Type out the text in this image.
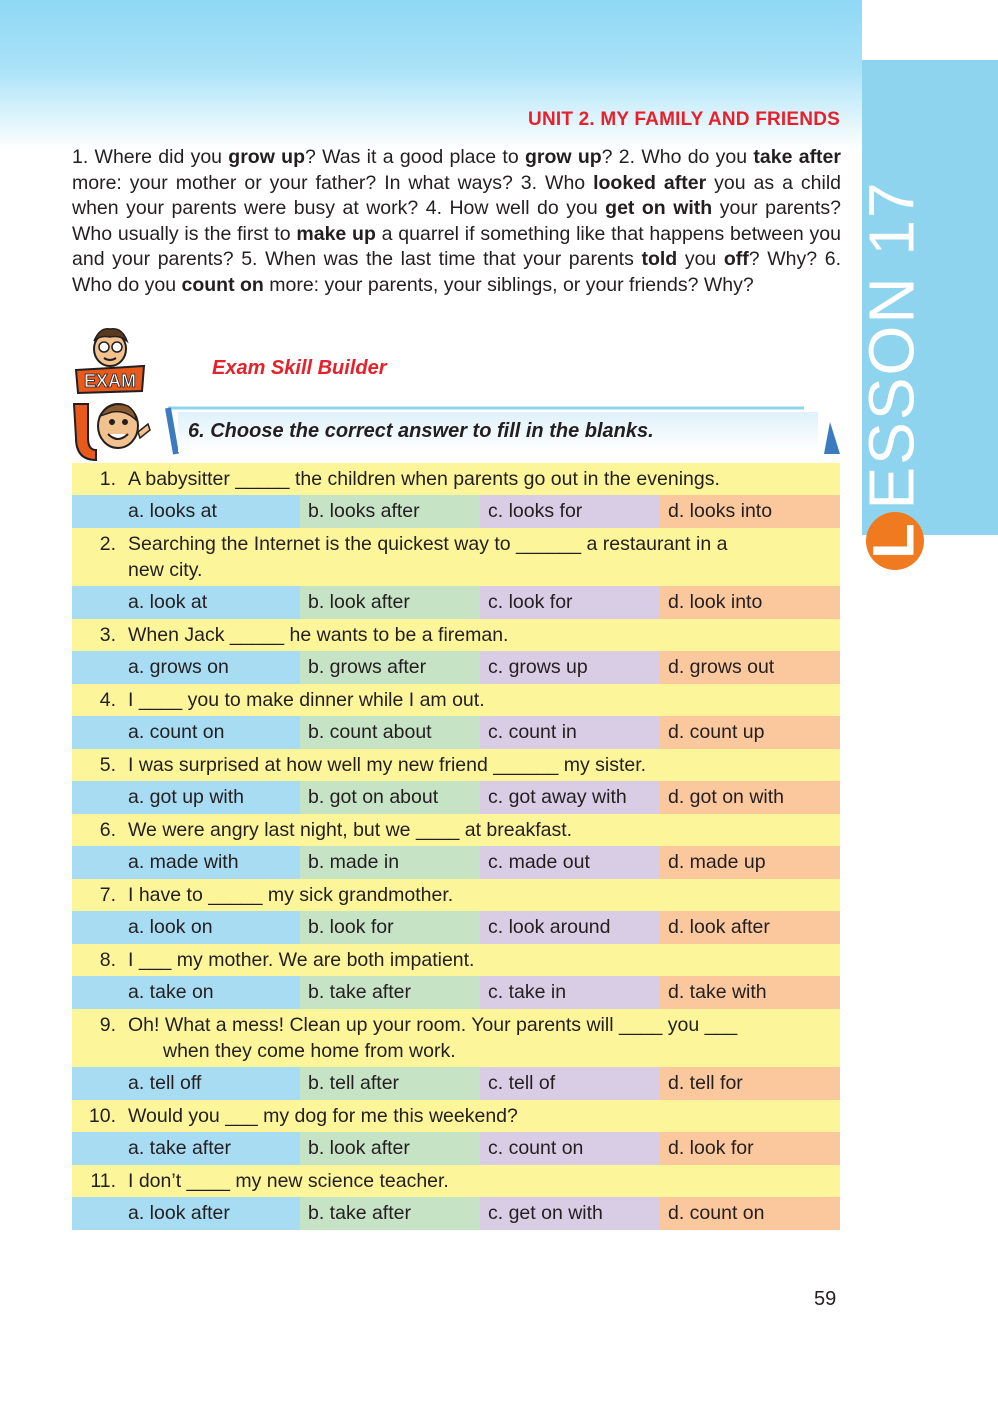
ESSON 17
L
UNIT 2. MY FAMILY AND FRIENDS
1. Where did you grow up? Was it a good place to grow up? 2. Who do you take after more: your mother or your father? In what ways? 3. Who looked after you as a child when your parents were busy at work? 4. How well do you get on with your parents? Who usually is the first to make up a quarrel if something like that happens between you and your parents? 5. When was the last time that your parents told you off? Why? 6. Who do you count on more: your parents, your siblings, or your friends? Why?
EXAM
Exam Skill Builder
6. Choose the correct answer to fill in the blanks.
1. A babysitter _____ the children when parents go out in the evenings.
a. looks at	b. looks after	c. looks for	d. looks into
2. Searching the Internet is the quickest way to ______ a restaurant in a
new city.
a. look at	b. look after	c. look for	d. look into
3. When Jack _____ he wants to be a fireman.
a. grows on	b. grows after	c. grows up	d. grows out
4. I ____ you to make dinner while I am out.
a. count on	b. count about	c. count in	d. count up
5. I was surprised at how well my new friend ______ my sister.
a. got up with	b. got on about	c. got away with	d. got on with
6. We were angry last night, but we ____ at breakfast.
a. made with	b. made in	c. made out	d. made up
7. I have to _____ my sick grandmother.
a. look on	b. look for	c. look around	d. look after
8. I ___ my mother. We are both impatient.
a. take on	b. take after	c. take in	d. take with
9. Oh! What a mess! Clean up your room. Your parents will ____ you ___
when they come home from work.
a. tell off	b. tell after	c. tell of	d. tell for
10. Would you ___ my dog for me this weekend?
a. take after	b. look after	c. count on	d. look for
11. I don’t ____ my new science teacher.
a. look after	b. take after	c. get on with	d. count on
59
